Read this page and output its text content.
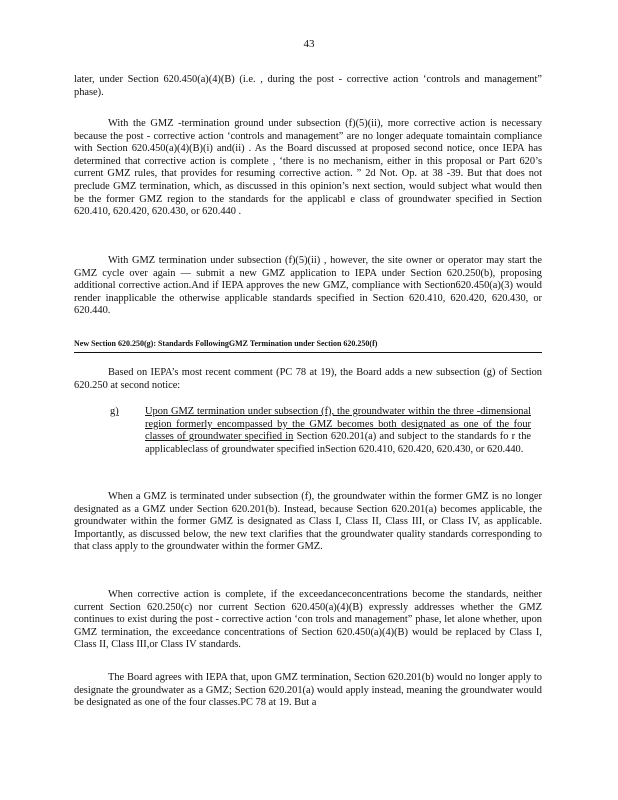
43

later, under Section 620.450(a)(4)(B) (i.e. , during the post - corrective action ‘controls and management” phase).

With the GMZ -termination ground under subsection (f)(5)(ii), more corrective action is necessary because the post - corrective action ‘controls and management” are no longer adequate tomaintain compliance with Section 620.450(a)(4)(B)(i) and(ii) . As the Board discussed at proposed second notice, once IEPA has determined that corrective action is complete , ‘there is no mechanism, either in this proposal or Part 620’s current GMZ rules, that provides for resuming corrective action. ” 2d Not. Op. at 38 -39. But that does not preclude GMZ termination, which, as discussed in this opinion’s next section, would subject what would then be the former GMZ region to the standards for the applicabl e class of groundwater specified in Section 620.410, 620.420, 620.430, or 620.440 .

With GMZ termination under subsection (f)(5)(ii) , however, the site owner or operator may start the GMZ cycle over again — submit a new GMZ application to IEPA under Section 620.250(b), proposing additional corrective action.And if IEPA approves the new GMZ, compliance with Section620.450(a)(3) would render inapplicable the otherwise applicable standards specified in Section 620.410, 620.420, 620.430, or 620.440.

New Section 620.250(g): Standards FollowingGMZ Termination under Section 620.250(f)

Based on IEPA’s most recent comment (PC 78 at 19), the Board adds a new subsection (g) of Section 620.250 at second notice:

g)	Upon GMZ termination under subsection (f), the groundwater within the three -dimensional region formerly encompassed by the GMZ becomes both designated as one of the four classes of groundwater specified in Section 620.201(a) and subject to the standards fo r the applicableclass of groundwater specified inSection 620.410, 620.420, 620.430, or 620.440.

When a GMZ is terminated under subsection (f), the groundwater within the former GMZ is no longer designated as a GMZ under Section 620.201(b). Instead, because Section 620.201(a) becomes applicable, the groundwater within the former GMZ is designated as Class I, Class II, Class III, or Class IV, as applicable. Importantly, as discussed below, the new text clarifies that the groundwater quality standards corresponding to that class apply to the groundwater within the former GMZ.

When corrective action is complete, if the exceedanceconcentrations become the standards, neither current Section 620.250(c) nor current Section 620.450(a)(4)(B) expressly addresses whether the GMZ continues to exist during the post - corrective action ‘con trols and management” phase, let alone whether, upon GMZ termination, the exceedance concentrations of Section 620.450(a)(4)(B) would be replaced by Class I, Class II, Class III,or Class IV standards.

The Board agrees with IEPA that, upon GMZ termination, Section 620.201(b) would no longer apply to designate the groundwater as a GMZ; Section 620.201(a) would apply instead, meaning the groundwater would be designated as one of the four classes.PC 78 at 19. But a
